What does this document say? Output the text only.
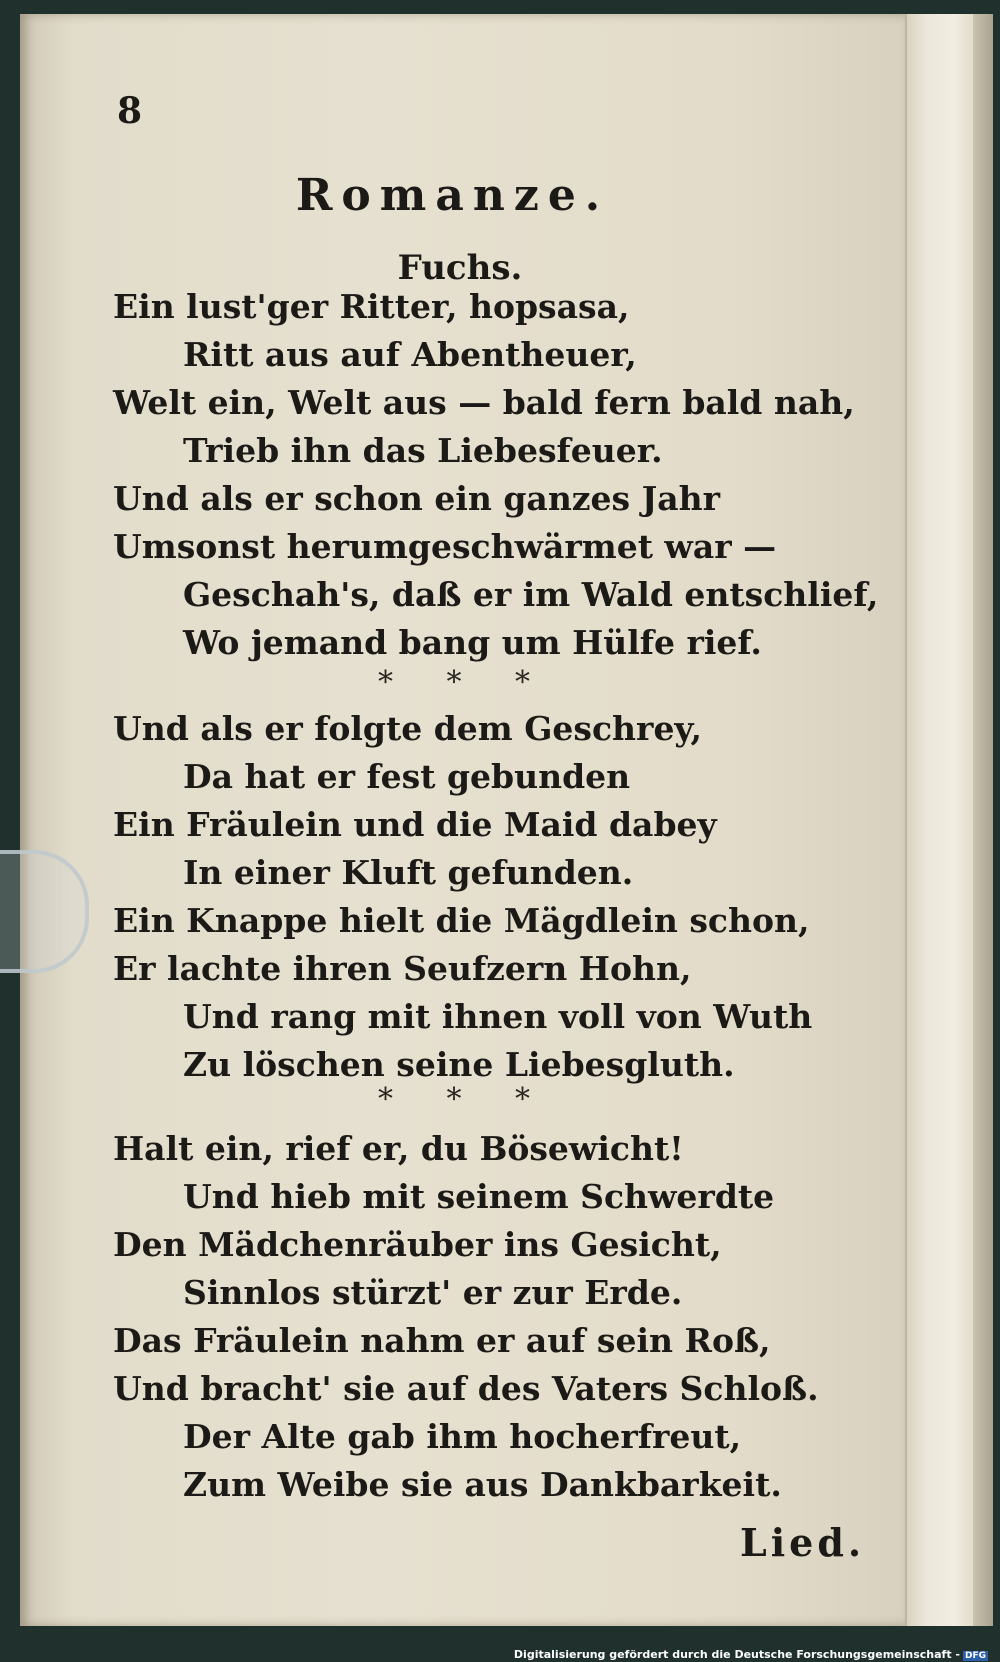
8
Romanze.
Fuchs.
Ein lust'ger Ritter, hopsasa,
Ritt aus auf Abentheuer,
Welt ein, Welt aus — bald fern bald nah,
Trieb ihn das Liebesfeuer.
Und als er schon ein ganzes Jahr
Umsonst herumgeschwärmet war —
Geschah's, daß er im Wald entschlief,
Wo jemand bang um Hülfe rief.
* * *
Und als er folgte dem Geschrey,
Da hat er fest gebunden
Ein Fräulein und die Maid dabey
In einer Kluft gefunden.
Ein Knappe hielt die Mägdlein schon,
Er lachte ihren Seufzern Hohn,
Und rang mit ihnen voll von Wuth
Zu löschen seine Liebesgluth.
* * *
Halt ein, rief er, du Bösewicht!
Und hieb mit seinem Schwerdte
Den Mädchenräuber ins Gesicht,
Sinnlos stürzt' er zur Erde.
Das Fräulein nahm er auf sein Roß,
Und bracht' sie auf des Vaters Schloß.
Der Alte gab ihm hocherfreut,
Zum Weibe sie aus Dankbarkeit.
Lied.
Digitalisierung gefördert durch die Deutsche Forschungsgemeinschaft - DFG
